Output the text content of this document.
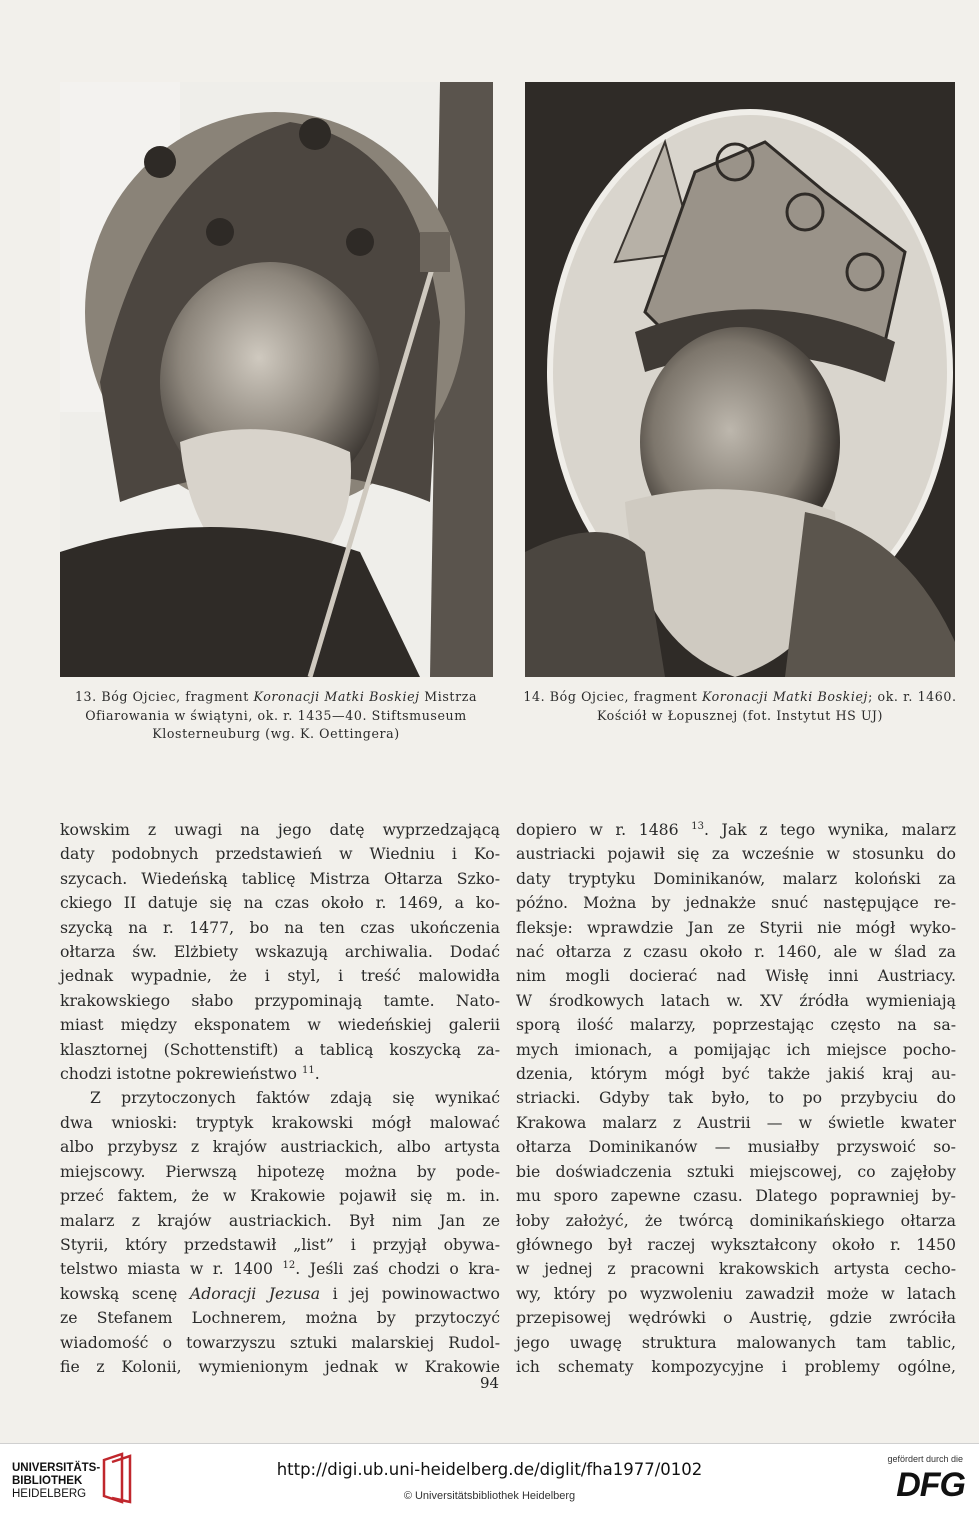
13. Bóg Ojciec, fragment Koronacji Matki Boskiej Mistrza Ofiarowania w świątyni, ok. r. 1435—40. Stiftsmuseum Klosterneuburg (wg. K. Oettingera)
14. Bóg Ojciec, fragment Koronacji Matki Boskiej; ok. r. 1460. Kościół w Łopusznej (fot. Instytut HS UJ)

kowskim z uwagi na jego datę wyprzedzającą

daty podobnych przedstawień w Wiedniu i Ko-

szycach. Wiedeńską tablicę Mistrza Ołtarza Szko-

ckiego II datuje się na czas około r. 1469, a ko-

szycką na r. 1477, bo na ten czas ukończenia

ołtarza św. Elżbiety wskazują archiwalia. Dodać

jednak wypadnie, że i styl, i treść malowidła

krakowskiego słabo przypominają tamte. Nato-

miast między eksponatem w wiedeńskiej galerii

klasztornej (Schottenstift) a tablicą koszycką za-

chodzi istotne pokrewieństwo $^{11}$.

Z przytoczonych faktów zdają się wynikać

dwa wnioski: tryptyk krakowski mógł malować

albo przybysz z krajów austriackich, albo artysta

miejscowy. Pierwszą hipotezę można by pode-

przeć faktem, że w Krakowie pojawił się m. in.

malarz z krajów austriackich. Był nim Jan ze

Styrii, który przedstawił „list” i przyjął obywa-

telstwo miasta w r. 1400 $^{12}$. Jeśli zaś chodzi o kra-

kowską scenę Adoracji Jezusa i jej powinowactwo

ze Stefanem Lochnerem, można by przytoczyć

wiadomość o towarzyszu sztuki malarskiej Rudol-

fie z Kolonii, wymienionym jednak w Krakowie

dopiero w r. 1486 $^{13}$. Jak z tego wynika, malarz

austriacki pojawił się za wcześnie w stosunku do

daty tryptyku Dominikanów, malarz koloński za

późno. Można by jednakże snuć następujące re-

fleksje: wprawdzie Jan ze Styrii nie mógł wyko-

nać ołtarza z czasu około r. 1460, ale w ślad za

nim mogli docierać nad Wisłę inni Austriacy.

W środkowych latach w. XV źródła wymieniają

sporą ilość malarzy, poprzestając często na sa-

mych imionach, a pomijając ich miejsce pocho-

dzenia, którym mógł być także jakiś kraj au-

striacki. Gdyby tak było, to po przybyciu do

Krakowa malarz z Austrii — w świetle kwater

ołtarza Dominikanów — musiałby przyswoić so-

bie doświadczenia sztuki miejscowej, co zajęłoby

mu sporo zapewne czasu. Dlatego poprawniej by-

łoby założyć, że twórcą dominikańskiego ołtarza

głównego był raczej wykształcony około r. 1450

w jednej z pracowni krakowskich artysta cecho-

wy, który po wyzwoleniu zawadził może w latach

przepisowej wędrówki o Austrię, gdzie zwróciła

jego uwagę struktura malowanych tam tablic,

ich schematy kompozycyjne i problemy ogólne,

94
UNIVERSITÄTS-
BIBLIOTHEK
HEIDELBERG
http://digi.ub.uni-heidelberg.de/diglit/fha1977/0102
© Universitätsbibliothek Heidelberg
gefördert durch die
DFG
